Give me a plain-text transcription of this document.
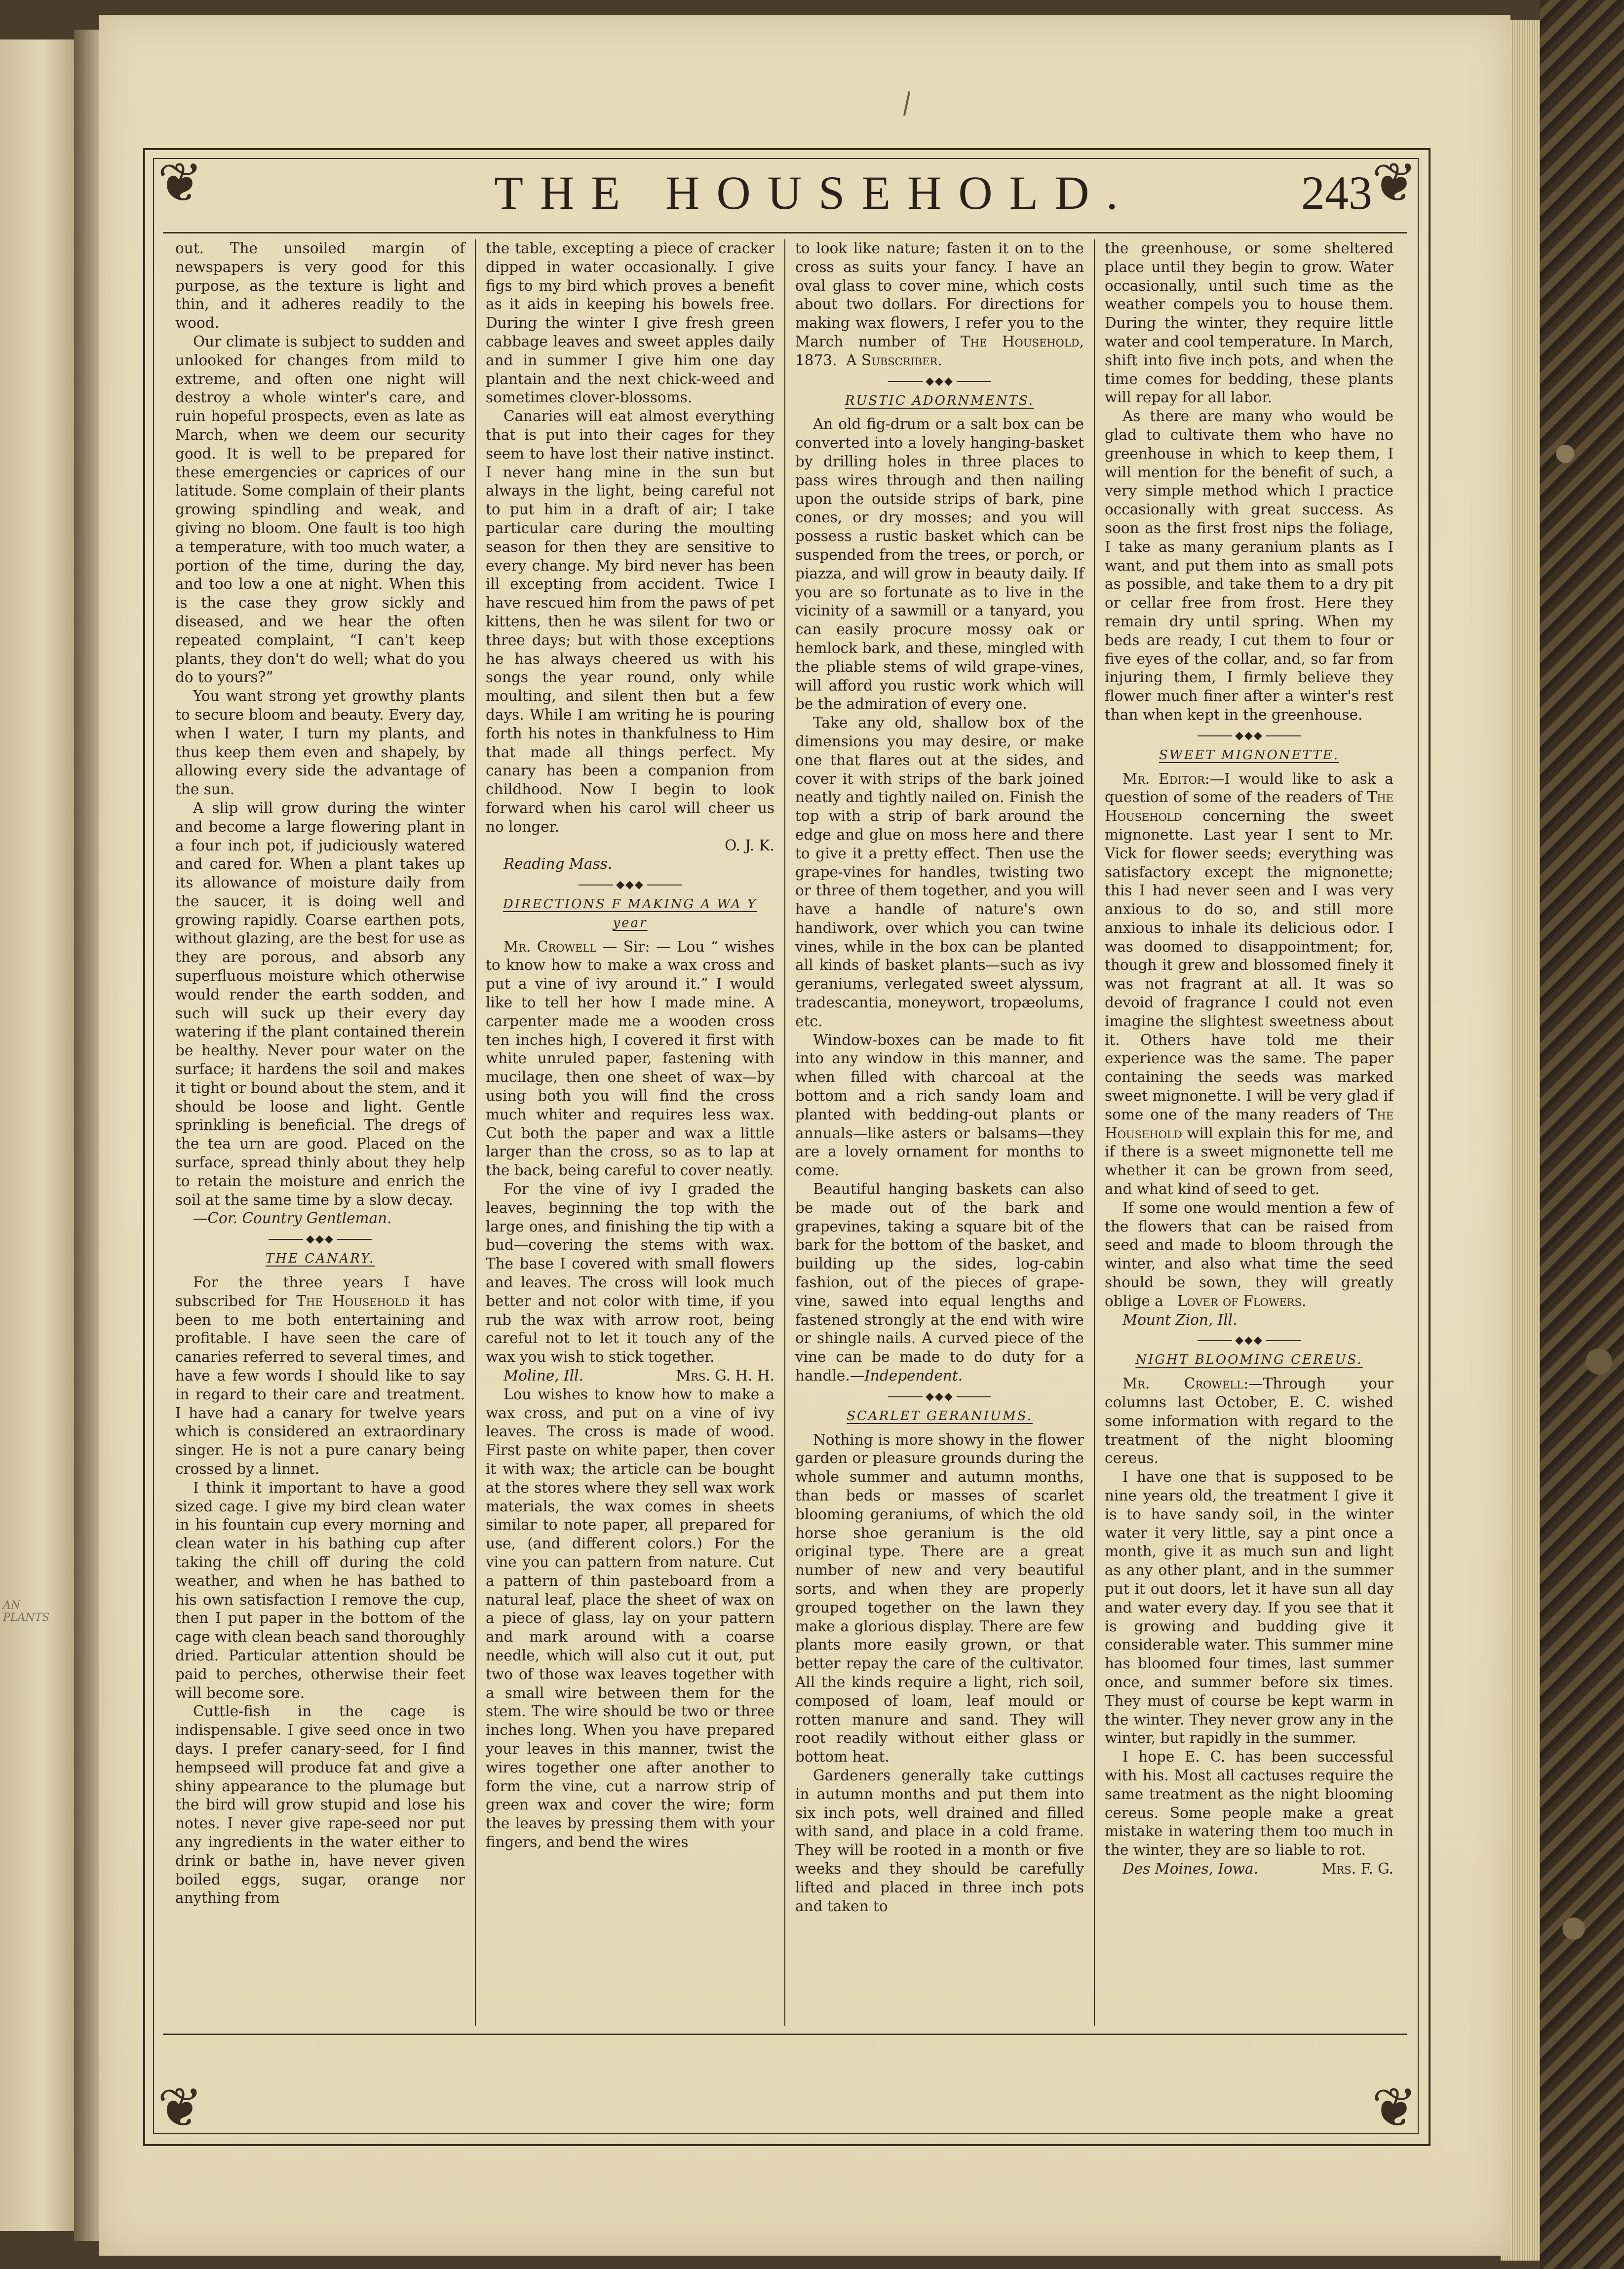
AN PLANTS
❦	❦
❦	❦
THE HOUSEHOLD.	243

out. The unsoiled margin of newspapers is very good for this purpose, as the texture is light and thin, and it adheres readily to the wood.

Our climate is subject to sudden and unlooked for changes from mild to extreme, and often one night will destroy a whole winter's care, and ruin hopeful prospects, even as late as March, when we deem our security good. It is well to be prepared for these emergencies or caprices of our latitude. Some complain of their plants growing spindling and weak, and giving no bloom. One fault is too high a temperature, with too much water, a portion of the time, during the day, and too low a one at night. When this is the case they grow sickly and diseased, and we hear the often repeated complaint, “I can't keep plants, they don't do well; what do you do to yours?”

You want strong yet growthy plants to secure bloom and beauty. Every day, when I water, I turn my plants, and thus keep them even and shapely, by allowing every side the advantage of the sun.

A slip will grow during the winter and become a large flowering plant in a four inch pot, if judiciously watered and cared for. When a plant takes up its allowance of moisture daily from the saucer, it is doing well and growing rapidly. Coarse earthen pots, without glazing, are the best for use as they are porous, and absorb any superfluous moisture which otherwise would render the earth sodden, and such will suck up their every day watering if the plant contained therein be healthy. Never pour water on the surface; it hardens the soil and makes it tight or bound about the stem, and it should be loose and light. Gentle sprinkling is beneficial. The dregs of the tea urn are good. Placed on the surface, spread thinly about they help to retain the moisture and enrich the soil at the same time by a slow decay.

—Cor. Country Gentleman.

◆◆◆

THE CANARY.

For the three years I have subscribed for The Household it has been to me both entertaining and profitable. I have seen the care of canaries referred to several times, and have a few words I should like to say in regard to their care and treatment. I have had a canary for twelve years which is considered an extraordinary singer. He is not a pure canary being crossed by a linnet.

I think it important to have a good sized cage. I give my bird clean water in his fountain cup every morning and clean water in his bathing cup after taking the chill off during the cold weather, and when he has bathed to his own satisfaction I remove the cup, then I put paper in the bottom of the cage with clean beach sand thoroughly dried. Particular attention should be paid to perches, otherwise their feet will become sore.

Cuttle-fish in the cage is indispensable. I give seed once in two days. I prefer canary-seed, for I find hempseed will produce fat and give a shiny appearance to the plumage but the bird will grow stupid and lose his notes. I never give rape-seed nor put any ingredients in the water either to drink or bathe in, have never given boiled eggs, sugar, orange nor anything from

the table, excepting a piece of cracker dipped in water occasionally. I give figs to my bird which proves a benefit as it aids in keeping his bowels free. During the winter I give fresh green cabbage leaves and sweet apples daily and in summer I give him one day plantain and the next chick-weed and sometimes clover-blossoms.

Canaries will eat almost everything that is put into their cages for they seem to have lost their native instinct. I never hang mine in the sun but always in the light, being careful not to put him in a draft of air; I take particular care during the moulting season for then they are sensitive to every change. My bird never has been ill excepting from accident. Twice I have rescued him from the paws of pet kittens, then he was silent for two or three days; but with those exceptions he has always cheered us with his songs the year round, only while moulting, and silent then but a few days. While I am writing he is pouring forth his notes in thankfulness to Him that made all things perfect. My canary has been a companion from childhood. Now I begin to look forward when his carol will cheer us no longer.

O. J. K.

Reading Mass.

◆◆◆

DIRECTIONS F MAKING A WA Y year

Mr. Crowell — Sir: — Lou “ wishes to know how to make a wax cross and put a vine of ivy around it.” I would like to tell her how I made mine. A carpenter made me a wooden cross ten inches high, I covered it first with white unruled paper, fastening with mucilage, then one sheet of wax—by using both you will find the cross much whiter and requires less wax. Cut both the paper and wax a little larger than the cross, so as to lap at the back, being careful to cover neatly.

For the vine of ivy I graded the leaves, beginning the top with the large ones, and finishing the tip with a bud—covering the stems with wax. The base I covered with small flowers and leaves. The cross will look much better and not color with time, if you rub the wax with arrow root, being careful not to let it touch any of the wax you wish to stick together.

Moline, Ill.	Mrs. G. H. H.

Lou wishes to know how to make a wax cross, and put on a vine of ivy leaves. The cross is made of wood. First paste on white paper, then cover it with wax; the article can be bought at the stores where they sell wax work materials, the wax comes in sheets similar to note paper, all prepared for use, (and different colors.) For the vine you can pattern from nature. Cut a pattern of thin pasteboard from a natural leaf, place the sheet of wax on a piece of glass, lay on your pattern and mark around with a coarse needle, which will also cut it out, put two of those wax leaves together with a small wire between them for the stem. The wire should be two or three inches long. When you have prepared your leaves in this manner, twist the wires together one after another to form the vine, cut a narrow strip of green wax and cover the wire; form the leaves by pressing them with your fingers, and bend the wires

to look like nature; fasten it on to the cross as suits your fancy. I have an oval glass to cover mine, which costs about two dollars. For directions for making wax flowers, I refer you to the March number of The Household, 1873. A Subscriber.

◆◆◆

RUSTIC ADORNMENTS.

An old fig-drum or a salt box can be converted into a lovely hanging-basket by drilling holes in three places to pass wires through and then nailing upon the outside strips of bark, pine cones, or dry mosses; and you will possess a rustic basket which can be suspended from the trees, or porch, or piazza, and will grow in beauty daily. If you are so fortunate as to live in the vicinity of a sawmill or a tanyard, you can easily procure mossy oak or hemlock bark, and these, mingled with the pliable stems of wild grape-vines, will afford you rustic work which will be the admiration of every one.

Take any old, shallow box of the dimensions you may desire, or make one that flares out at the sides, and cover it with strips of the bark joined neatly and tightly nailed on. Finish the top with a strip of bark around the edge and glue on moss here and there to give it a pretty effect. Then use the grape-vines for handles, twisting two or three of them together, and you will have a handle of nature's own handiwork, over which you can twine vines, while in the box can be planted all kinds of basket plants—such as ivy geraniums, verlegated sweet alyssum, tradescantia, moneywort, tropæolums, etc.

Window-boxes can be made to fit into any window in this manner, and when filled with charcoal at the bottom and a rich sandy loam and planted with bedding-out plants or annuals—like asters or balsams—they are a lovely ornament for months to come.

Beautiful hanging baskets can also be made out of the bark and grapevines, taking a square bit of the bark for the bottom of the basket, and building up the sides, log-cabin fashion, out of the pieces of grape-vine, sawed into equal lengths and fastened strongly at the end with wire or shingle nails. A curved piece of the vine can be made to do duty for a handle.—Independent.

◆◆◆

SCARLET GERANIUMS.

Nothing is more showy in the flower garden or pleasure grounds during the whole summer and autumn months, than beds or masses of scarlet blooming geraniums, of which the old horse shoe geranium is the old original type. There are a great number of new and very beautiful sorts, and when they are properly grouped together on the lawn they make a glorious display. There are few plants more easily grown, or that better repay the care of the cultivator. All the kinds require a light, rich soil, composed of loam, leaf mould or rotten manure and sand. They will root readily without either glass or bottom heat.

Gardeners generally take cuttings in autumn months and put them into six inch pots, well drained and filled with sand, and place in a cold frame. They will be rooted in a month or five weeks and they should be carefully lifted and placed in three inch pots and taken to

the greenhouse, or some sheltered place until they begin to grow. Water occasionally, until such time as the weather compels you to house them. During the winter, they require little water and cool temperature. In March, shift into five inch pots, and when the time comes for bedding, these plants will repay for all labor.

As there are many who would be glad to cultivate them who have no greenhouse in which to keep them, I will mention for the benefit of such, a very simple method which I practice occasionally with great success. As soon as the first frost nips the foliage, I take as many geranium plants as I want, and put them into as small pots as possible, and take them to a dry pit or cellar free from frost. Here they remain dry until spring. When my beds are ready, I cut them to four or five eyes of the collar, and, so far from injuring them, I firmly believe they flower much finer after a winter's rest than when kept in the greenhouse.

◆◆◆

SWEET MIGNONETTE.

Mr. Editor:—I would like to ask a question of some of the readers of The Household concerning the sweet mignonette. Last year I sent to Mr. Vick for flower seeds; everything was satisfactory except the mignonette; this I had never seen and I was very anxious to do so, and still more anxious to inhale its delicious odor. I was doomed to disappointment; for, though it grew and blossomed finely it was not fragrant at all. It was so devoid of fragrance I could not even imagine the slightest sweetness about it. Others have told me their experience was the same. The paper containing the seeds was marked sweet mignonette. I will be very glad if some one of the many readers of The Household will explain this for me, and if there is a sweet mignonette tell me whether it can be grown from seed, and what kind of seed to get.

If some one would mention a few of the flowers that can be raised from seed and made to bloom through the winter, and also what time the seed should be sown, they will greatly oblige a Lover of Flowers.

Mount Zion, Ill.

◆◆◆

NIGHT BLOOMING CEREUS.

Mr. Crowell:—Through your columns last October, E. C. wished some information with regard to the treatment of the night blooming cereus.

I have one that is supposed to be nine years old, the treatment I give it is to have sandy soil, in the winter water it very little, say a pint once a month, give it as much sun and light as any other plant, and in the summer put it out doors, let it have sun all day and water every day. If you see that it is growing and budding give it considerable water. This summer mine has bloomed four times, last summer once, and summer before six times. They must of course be kept warm in the winter. They never grow any in the winter, but rapidly in the summer.

I hope E. C. has been successful with his. Most all cactuses require the same treatment as the night blooming cereus. Some people make a great mistake in watering them too much in the winter, they are so liable to rot.

Des Moines, Iowa.	Mrs. F. G.
